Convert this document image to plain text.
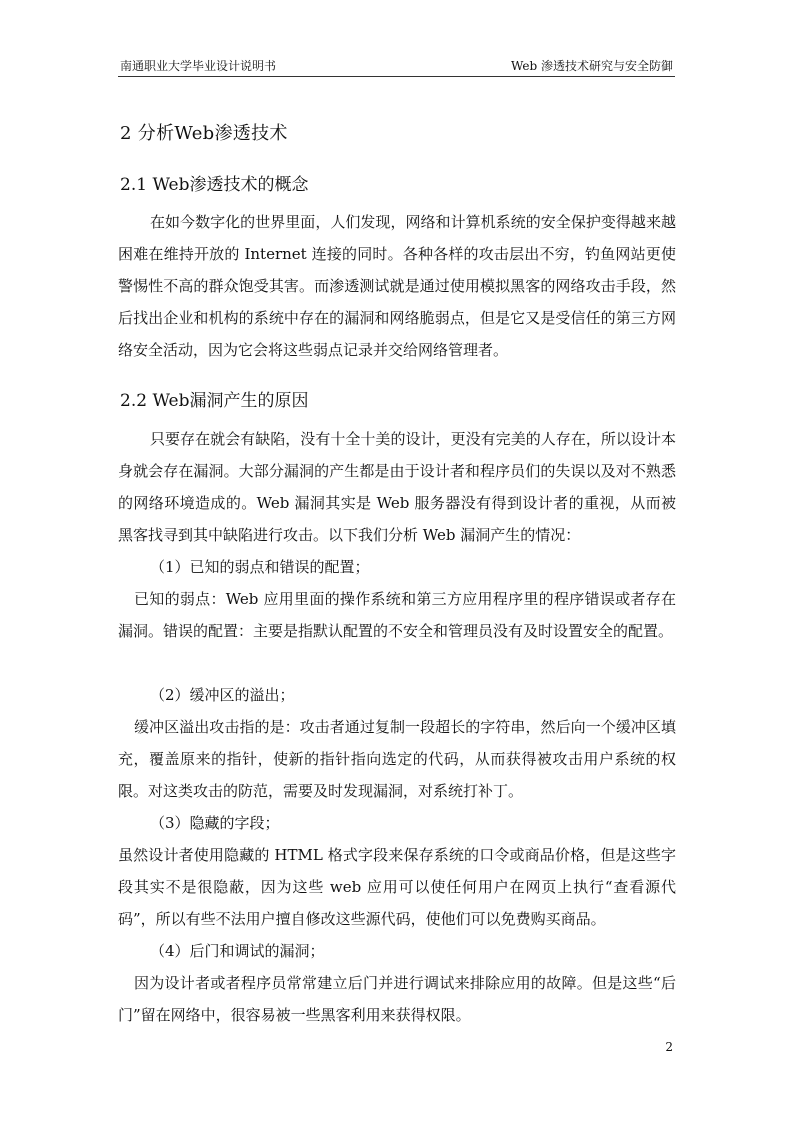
南通职业大学毕业设计说明书	Web 渗透技术研究与安全防御
2 分析Web渗透技术
2.1 Web渗透技术的概念

在如今数字化的世界里面，人们发现，网络和计算机系统的安全保护变得越来越困难在维持开放的 Internet 连接的同时。各种各样的攻击层出不穷，钓鱼网站更使警惕性不高的群众饱受其害。而渗透测试就是通过使用模拟黑客的网络攻击手段，然后找出企业和机构的系统中存在的漏洞和网络脆弱点，但是它又是受信任的第三方网络安全活动，因为它会将这些弱点记录并交给网络管理者。

2.2 Web漏洞产生的原因

只要存在就会有缺陷，没有十全十美的设计，更没有完美的人存在，所以设计本身就会存在漏洞。大部分漏洞的产生都是由于设计者和程序员们的失误以及对不熟悉的网络环境造成的。Web 漏洞其实是 Web 服务器没有得到设计者的重视，从而被黑客找寻到其中缺陷进行攻击。以下我们分析 Web 漏洞产生的情况：

（1）已知的弱点和错误的配置；

已知的弱点：Web 应用里面的操作系统和第三方应用程序里的程序错误或者存在漏洞。错误的配置：主要是指默认配置的不安全和管理员没有及时设置安全的配置。

（2）缓冲区的溢出；

缓冲区溢出攻击指的是：攻击者通过复制一段超长的字符串，然后向一个缓冲区填充，覆盖原来的指针，使新的指针指向选定的代码，从而获得被攻击用户系统的权限。对这类攻击的防范，需要及时发现漏洞，对系统打补丁。

（3）隐藏的字段；

虽然设计者使用隐藏的 HTML 格式字段来保存系统的口令或商品价格，但是这些字段其实不是很隐蔽，因为这些 web 应用可以使任何用户在网页上执行“查看源代码”，所以有些不法用户擅自修改这些源代码，使他们可以免费购买商品。

（4）后门和调试的漏洞；

因为设计者或者程序员常常建立后门并进行调试来排除应用的故障。但是这些“后门”留在网络中，很容易被一些黑客利用来获得权限。

2
